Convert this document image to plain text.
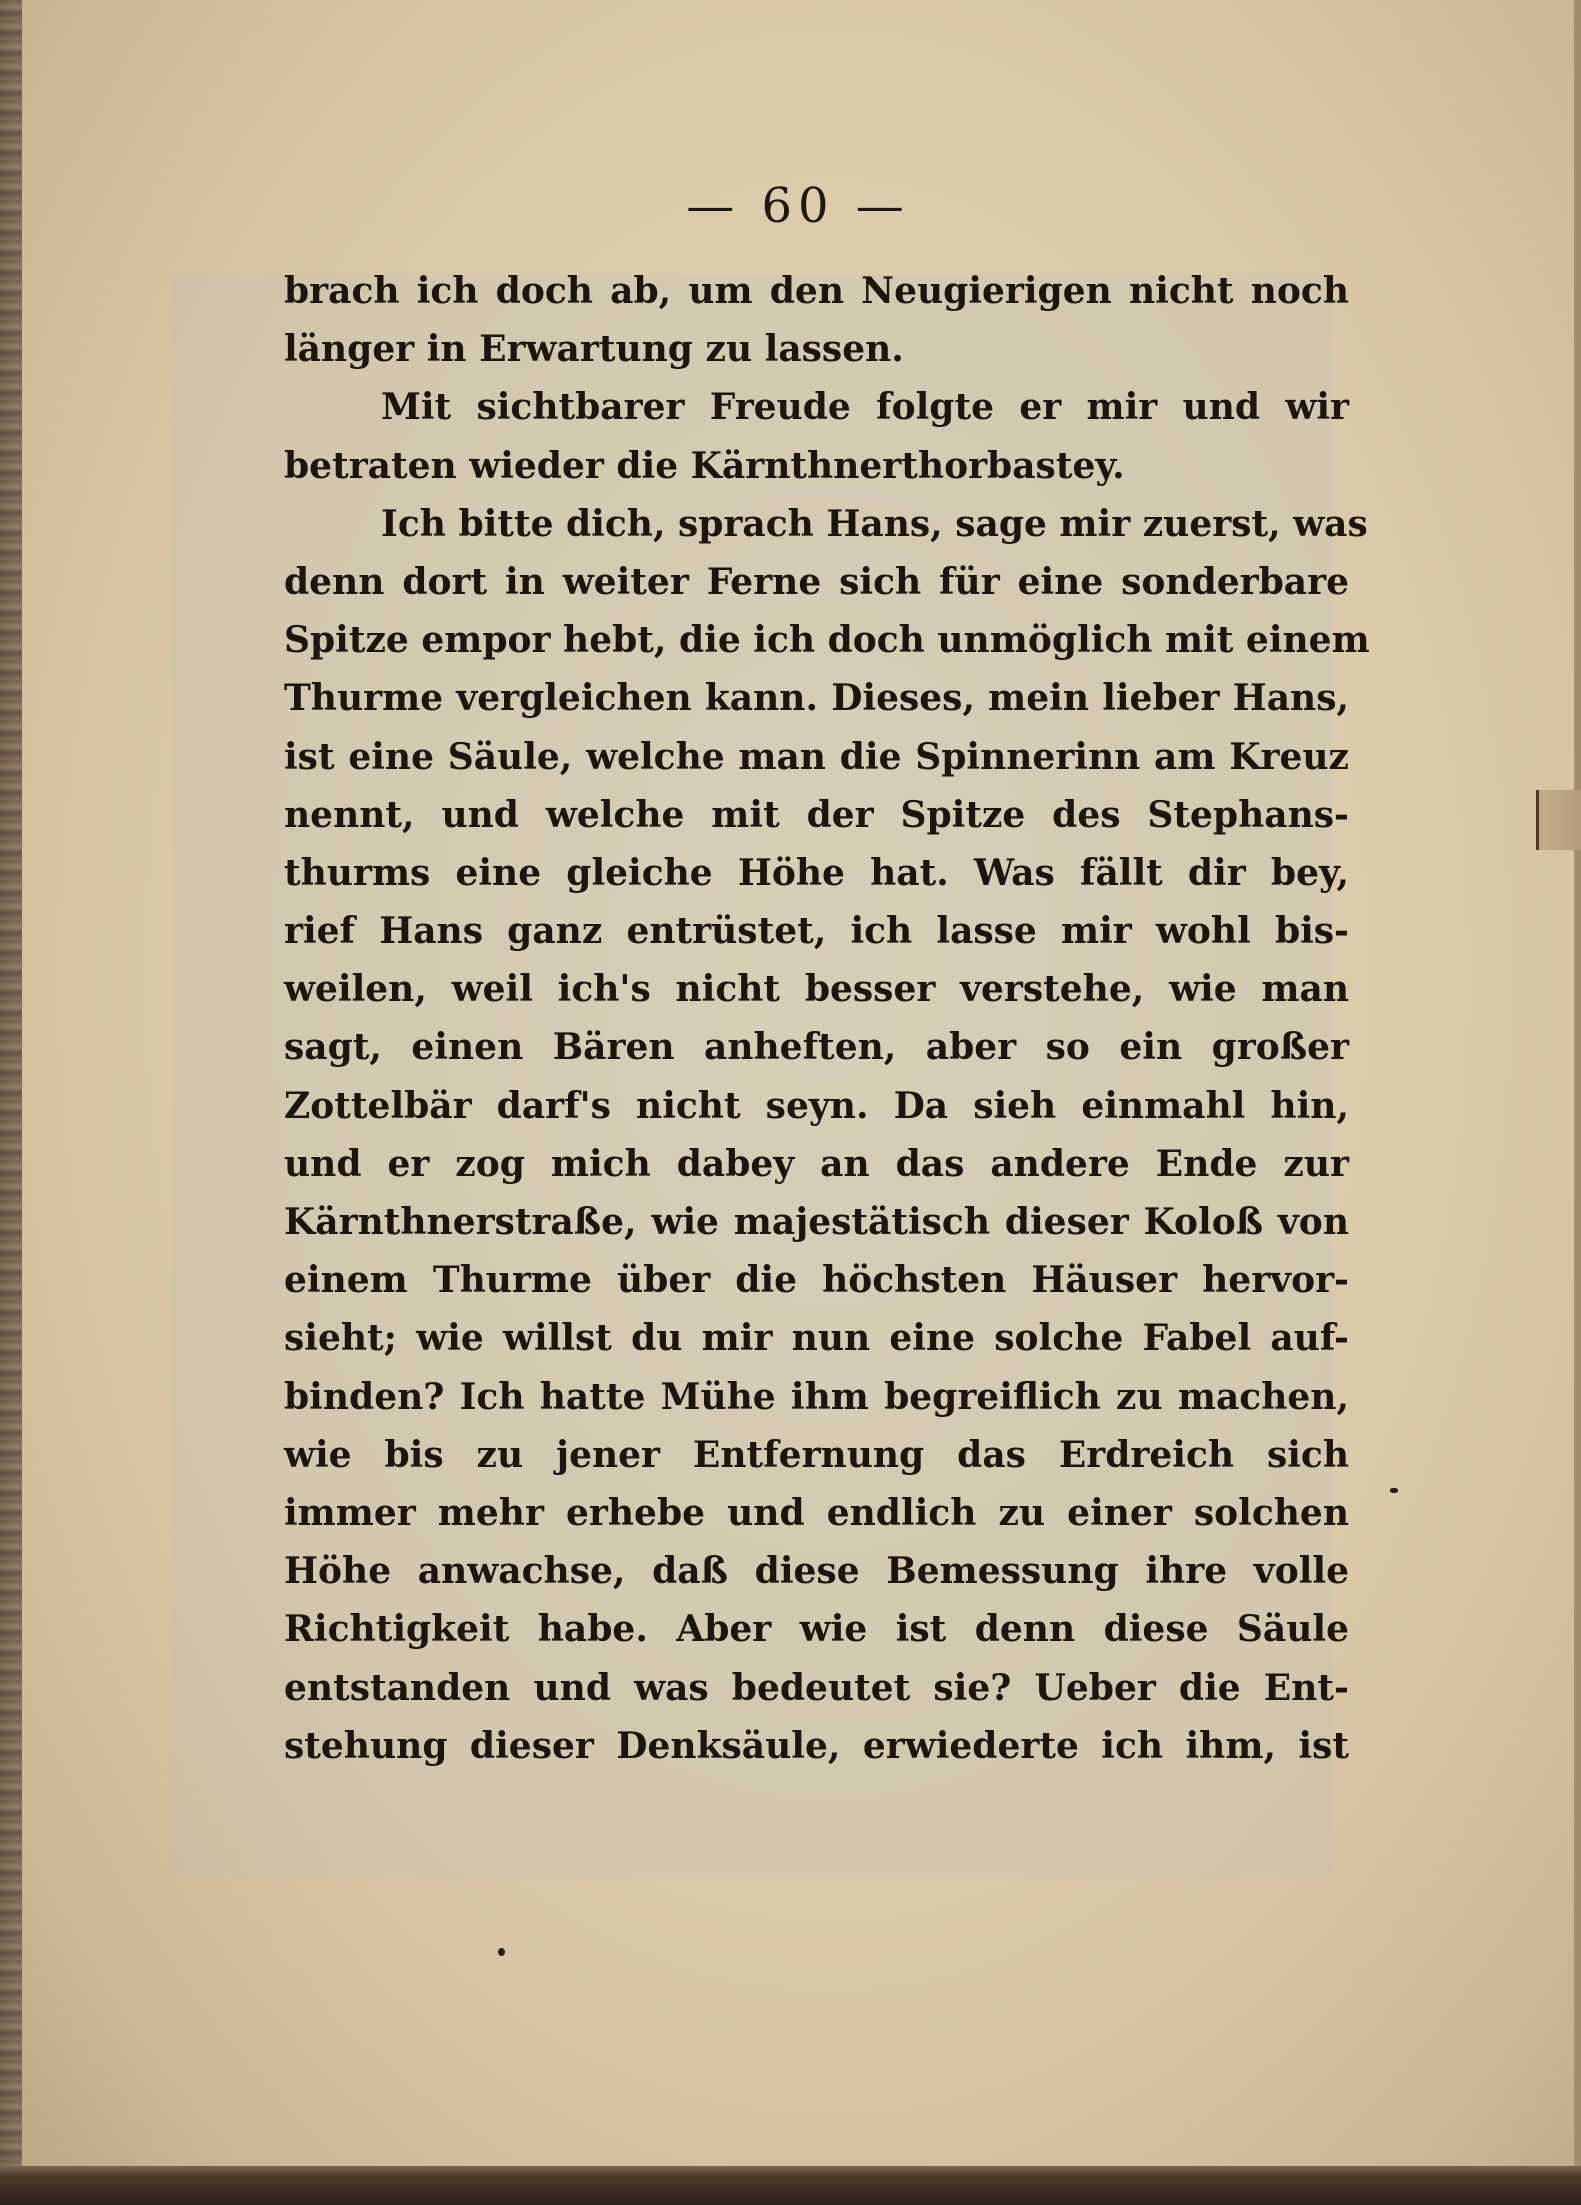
— 60 —
brach ich doch ab, um den Neugierigen nicht noch
länger in Erwartung zu lassen.
Mit sichtbarer Freude folgte er mir und wir
betraten wieder die Kärnthnerthorbastey.
Ich bitte dich, sprach Hans, sage mir zuerst, was
denn dort in weiter Ferne sich für eine sonderbare
Spitze empor hebt, die ich doch unmöglich mit einem
Thurme vergleichen kann. Dieses, mein lieber Hans,
ist eine Säule, welche man die Spinnerinn am Kreuz
nennt, und welche mit der Spitze des Stephans-
thurms eine gleiche Höhe hat. Was fällt dir bey,
rief Hans ganz entrüstet, ich lasse mir wohl bis-
weilen, weil ich's nicht besser verstehe, wie man
sagt, einen Bären anheften, aber so ein großer
Zottelbär darf's nicht seyn. Da sieh einmahl hin,
und er zog mich dabey an das andere Ende zur
Kärnthnerstraße, wie majestätisch dieser Koloß von
einem Thurme über die höchsten Häuser hervor-
sieht; wie willst du mir nun eine solche Fabel auf-
binden? Ich hatte Mühe ihm begreiflich zu machen,
wie bis zu jener Entfernung das Erdreich sich
immer mehr erhebe und endlich zu einer solchen
Höhe anwachse, daß diese Bemessung ihre volle
Richtigkeit habe. Aber wie ist denn diese Säule
entstanden und was bedeutet sie? Ueber die Ent-
stehung dieser Denksäule, erwiederte ich ihm, ist
